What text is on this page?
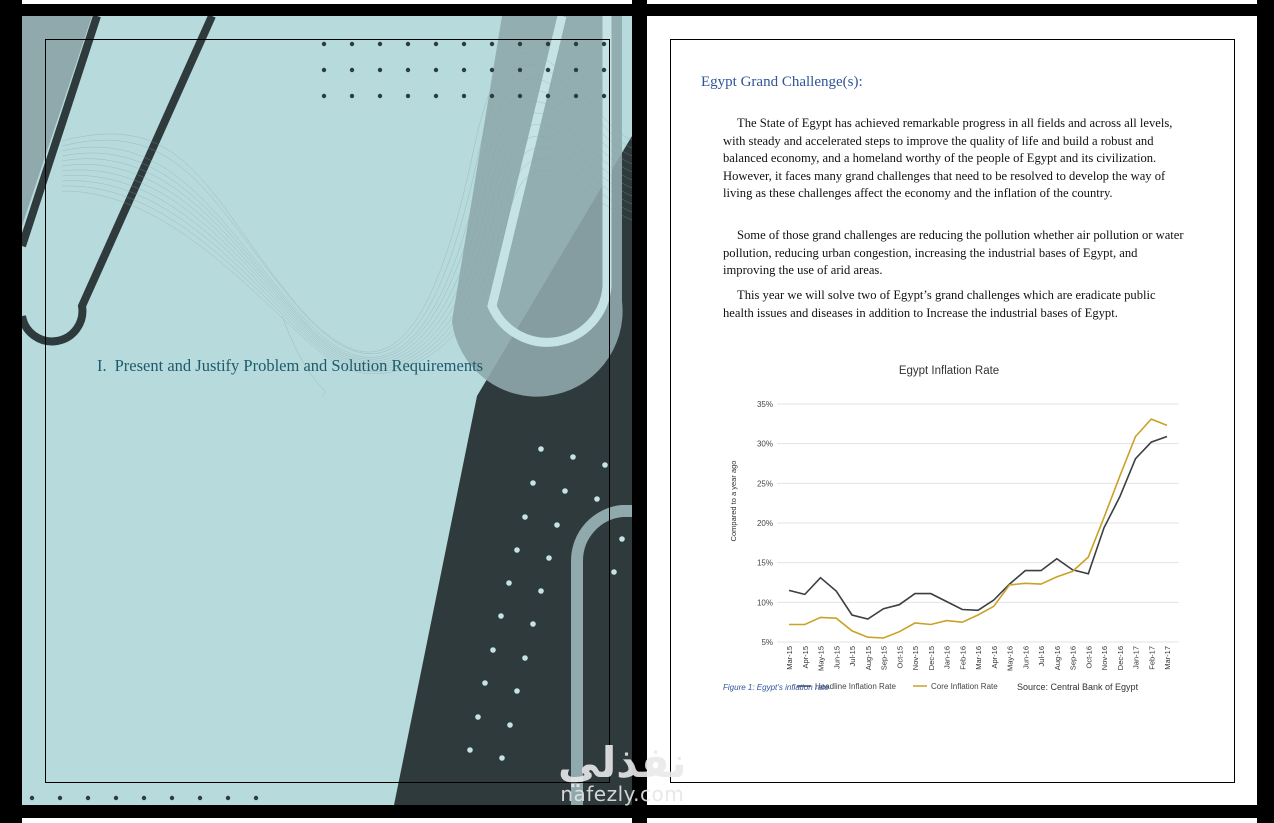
I. Present and Justify Problem and Solution Requirements
Egypt Grand Challenge(s):

The State of Egypt has achieved remarkable progress in all fields and across all levels, with steady and accelerated steps to improve the quality of life and build a robust and balanced economy, and a homeland worthy of the people of Egypt and its civilization. However, it faces many grand challenges that need to be resolved to develop the way of living as these challenges affect the economy and the inflation of the country.

Some of those grand challenges are reducing the pollution whether air pollution or water pollution, reducing urban congestion, increasing the industrial bases of Egypt, and improving the use of arid areas.

This year we will solve two of Egypt’s grand challenges which are eradicate public health issues and diseases in addition to Increase the industrial bases of Egypt.

Egypt Inflation Rate
5%
10%
15%
20%
25%
30%
35%
Mar-15 Apr-15 May-15 Jun-15 Jul-15 Aug-15 Sep-15 Oct-15 Nov-15 Dec-15 Jan-16 Feb-16 Mar-16 Apr-16 May-16 Jun-16 Jul-16 Aug-16 Sep-16 Oct-16 Nov-16 Dec-16 Jan-17 Feb-17 Mar-17
Compared to a year ago
Headline Inflation Rate	Core Inflation Rate Source: Central Bank of Egypt
Figure 1: Egypt’s inflation rate
نفذلي
nafezly.com
